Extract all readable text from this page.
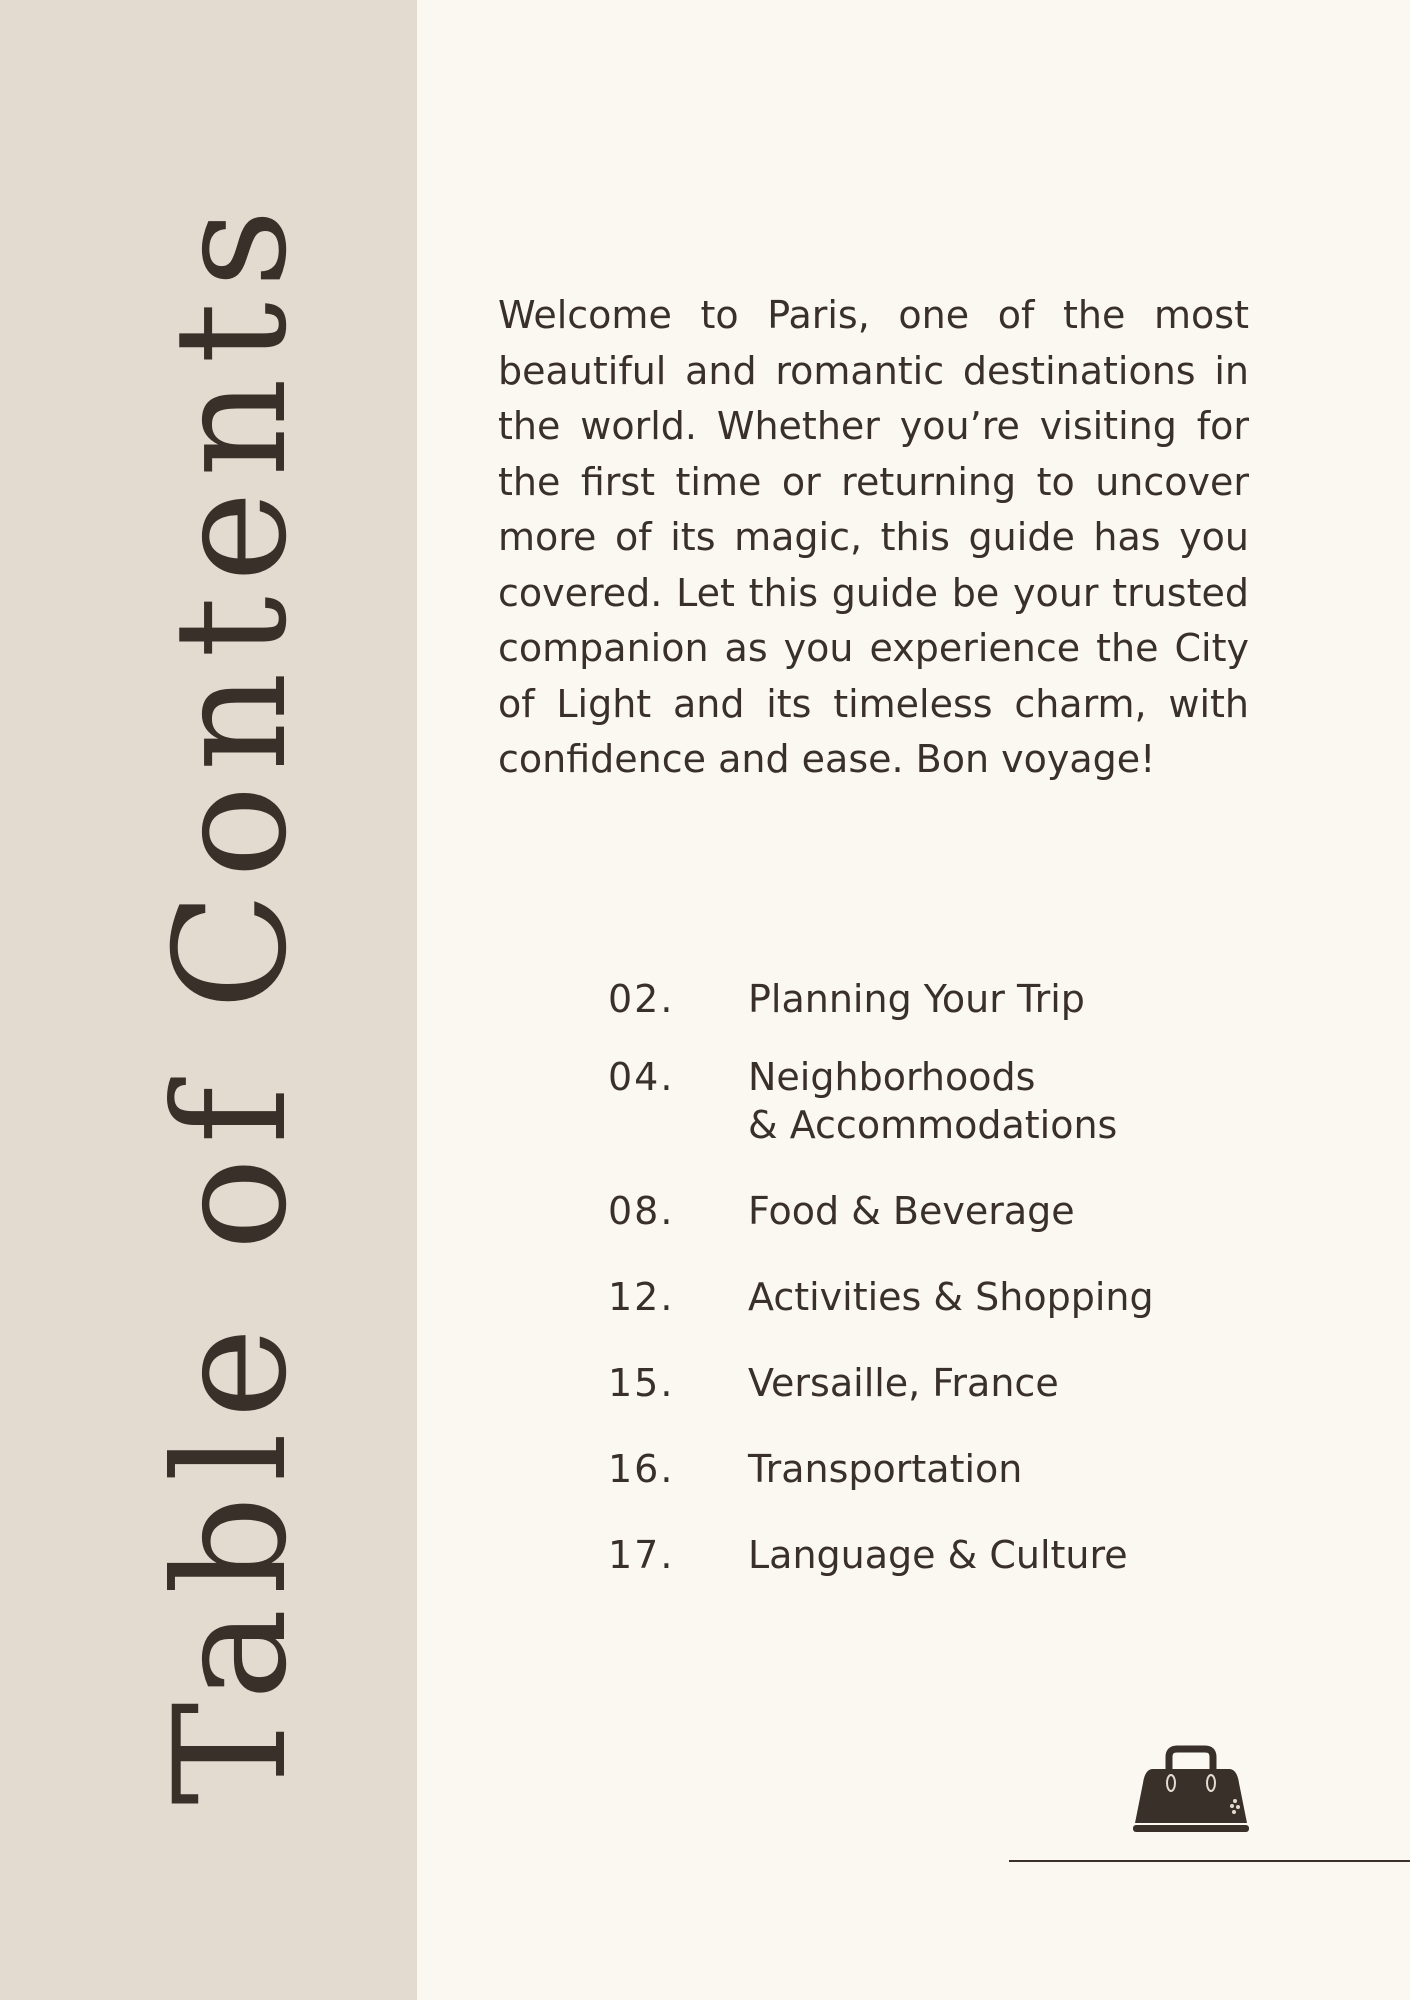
Table of Contents	Welcome to Paris, one of the most beautiful and romantic destinations in the world. Whether you’re visiting for the first time or returning to uncover more of its magic, this guide has you covered. Let this guide be your trusted companion as you experience the City of Light and its timeless charm, with confidence and ease. Bon voyage!

02.	Planning Your Trip
04.	Neighborhoods
& Accommodations
08.	Food & Beverage
12.	Activities & Shopping
15.	Versaille, France
16.	Transportation
17.	Language & Culture
